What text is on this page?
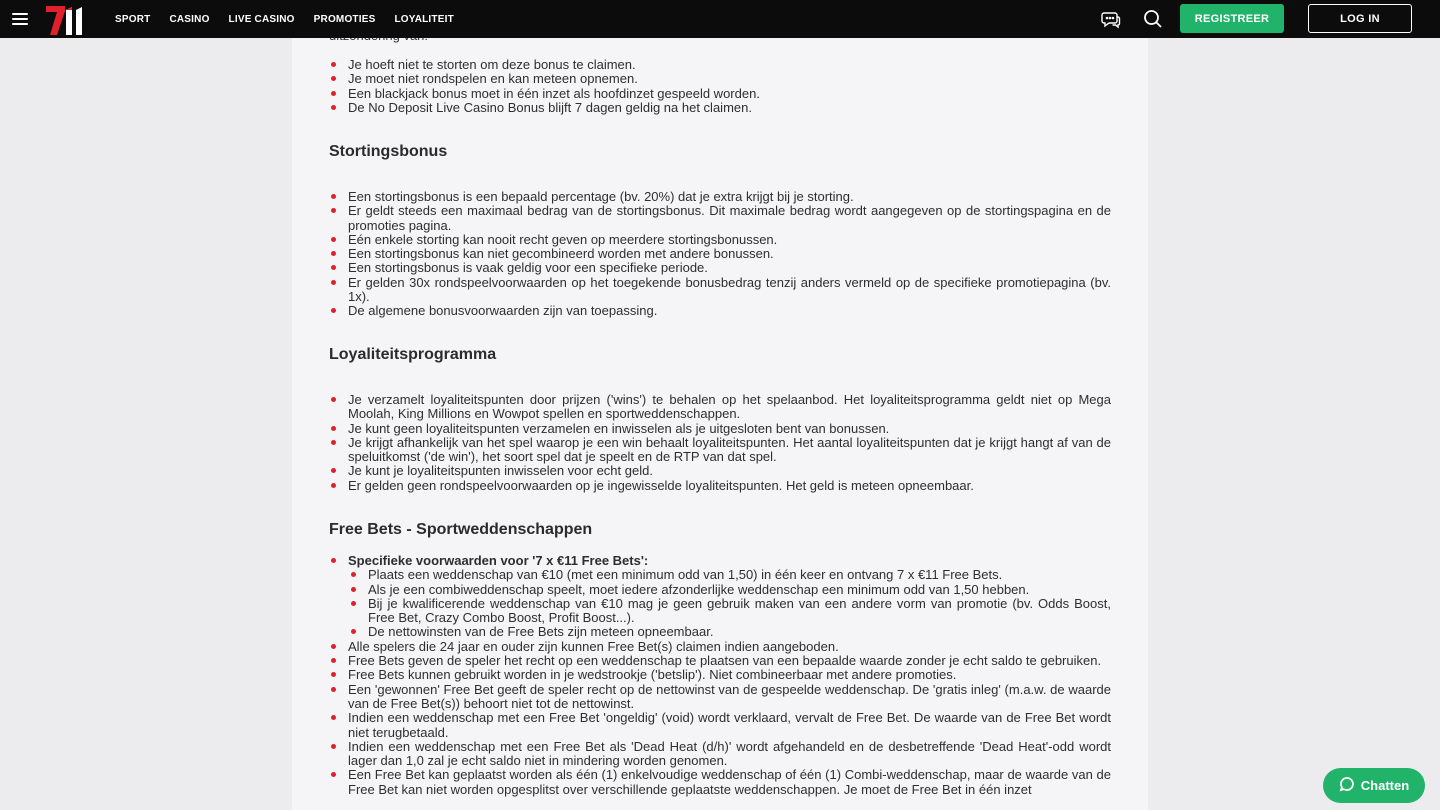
Je hoeft niet te storten om deze bonus te claimen.
Je moet niet rondspelen en kan meteen opnemen.
Een blackjack bonus moet in één inzet als hoofdinzet gespeeld worden.
De No Deposit Live Casino Bonus blijft 7 dagen geldig na het claimen.
Stortingsbonus
Een stortingsbonus is een bepaald percentage (bv. 20%) dat je extra krijgt bij je storting.
Er geldt steeds een maximaal bedrag van de stortingsbonus. Dit maximale bedrag wordt aangegeven op de stortingspagina en de promoties pagina.
Eén enkele storting kan nooit recht geven op meerdere stortingsbonussen.
Een stortingsbonus kan niet gecombineerd worden met andere bonussen.
Een stortingsbonus is vaak geldig voor een specifieke periode.
Er gelden 30x rondspeelvoorwaarden op het toegekende bonusbedrag tenzij anders vermeld op de specifieke promotiepagina (bv. 1x).
De algemene bonusvoorwaarden zijn van toepassing.
Loyaliteitsprogramma
Je verzamelt loyaliteitspunten door prijzen ('wins') te behalen op het spelaanbod. Het loyaliteitsprogramma geldt niet op Mega Moolah, King Millions en Wowpot spellen en sportweddenschappen.
Je kunt geen loyaliteitspunten verzamelen en inwisselen als je uitgesloten bent van bonussen.
Je krijgt afhankelijk van het spel waarop je een win behaalt loyaliteitspunten. Het aantal loyaliteitspunten dat je krijgt hangt af van de speluitkomst ('de win'), het soort spel dat je speelt en de RTP van dat spel.
Je kunt je loyaliteitspunten inwisselen voor echt geld.
Er gelden geen rondspeelvoorwaarden op je ingewisselde loyaliteitspunten. Het geld is meteen opneembaar.
Free Bets - Sportweddenschappen
Specifieke voorwaarden voor '7 x €11 Free Bets':
Plaats een weddenschap van €10 (met een minimum odd van 1,50) in één keer en ontvang 7 x €11 Free Bets.
Als je een combiweddenschap speelt, moet iedere afzonderlijke weddenschap een minimum odd van 1,50 hebben.
Bij je kwalificerende weddenschap van €10 mag je geen gebruik maken van een andere vorm van promotie (bv. Odds Boost, Free Bet, Crazy Combo Boost, Profit Boost...).
De nettowinsten van de Free Bets zijn meteen opneembaar.
Alle spelers die 24 jaar en ouder zijn kunnen Free Bet(s) claimen indien aangeboden.
Free Bets geven de speler het recht op een weddenschap te plaatsen van een bepaalde waarde zonder je echt saldo te gebruiken.
Free Bets kunnen gebruikt worden in je wedstrookje ('betslip'). Niet combineerbaar met andere promoties.
Een 'gewonnen' Free Bet geeft de speler recht op de nettowinst van de gespeelde weddenschap. De 'gratis inleg' (m.a.w. de waarde van de Free Bet(s)) behoort niet tot de nettowinst.
Indien een weddenschap met een Free Bet 'ongeldig' (void) wordt verklaard, vervalt de Free Bet. De waarde van de Free Bet wordt niet terugbetaald.
Indien een weddenschap met een Free Bet als 'Dead Heat (d/h)' wordt afgehandeld en de desbetreffende 'Dead Heat'-odd wordt lager dan 1,0 zal je echt saldo niet in mindering worden genomen.
Een Free Bet kan geplaatst worden als één (1) enkelvoudige weddenschap of één (1) Combi-weddenschap, maar de waarde van de Free Bet kan niet worden opgesplitst over verschillende geplaatste weddenschappen. Je moet de Free Bet in één inzet
SPORT CASINO LIVE CASINO PROMOTIES LOYALITEIT	REGISTREER	LOG IN
Chatten
